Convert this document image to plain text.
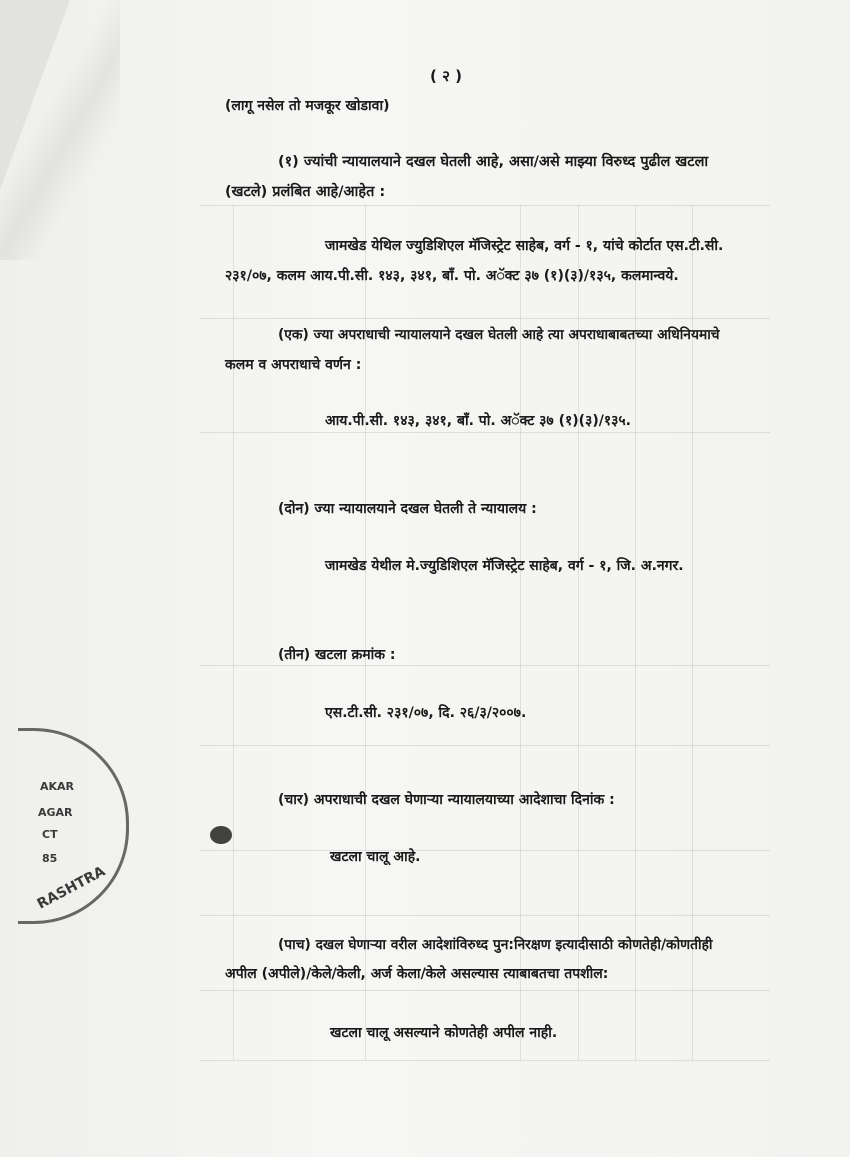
( २ )
(लागू नसेल तो मजकूर खोडावा)
(१) ज्यांची न्यायालयाने दखल घेतली आहे, असा/असे माझ्या विरुध्द पुढील खटला
(खटले) प्रलंबित आहे/आहेत :
जामखेड येथिल ज्युडिशिएल मॅजिस्ट्रेट साहेब, वर्ग - १, यांचे कोर्टात एस.टी.सी.
२३१/०७, कलम आय.पी.सी. १४३, ३४१, बाँ. पो. अॅक्ट ३७ (१)(३)/१३५, कलमान्वये.
(एक) ज्या अपराधाची न्यायालयाने दखल घेतली आहे त्या अपराधाबाबतच्या अधिनियमाचे
कलम व अपराधाचे वर्णन :
आय.पी.सी. १४३, ३४१, बाँ. पो. अॅक्ट ३७ (१)(३)/१३५.
(दोन) ज्या न्यायालयाने दखल घेतली ते न्यायालय :
जामखेड येथील मे.ज्युडिशिएल मॅजिस्ट्रेट साहेब, वर्ग - १, जि. अ.नगर.
(तीन) खटला क्रमांक :
एस.टी.सी. २३१/०७, दि. २६/३/२००७.
(चार) अपराधाची दखल घेणाऱ्या न्यायालयाच्या आदेशाचा दिनांक :
खटला चालू आहे.
(पाच) दखल घेणाऱ्या वरील आदेशांविरुध्द पुन:निरक्षण इत्यादीसाठी कोणतेही/कोणतीही
अपील (अपीले)/केले/केली, अर्ज केला/केले असल्यास त्याबाबतचा तपशील:
खटला चालू असल्याने कोणतेही अपील नाही.
AKAR
AGAR
CT
85
RASHTRA
